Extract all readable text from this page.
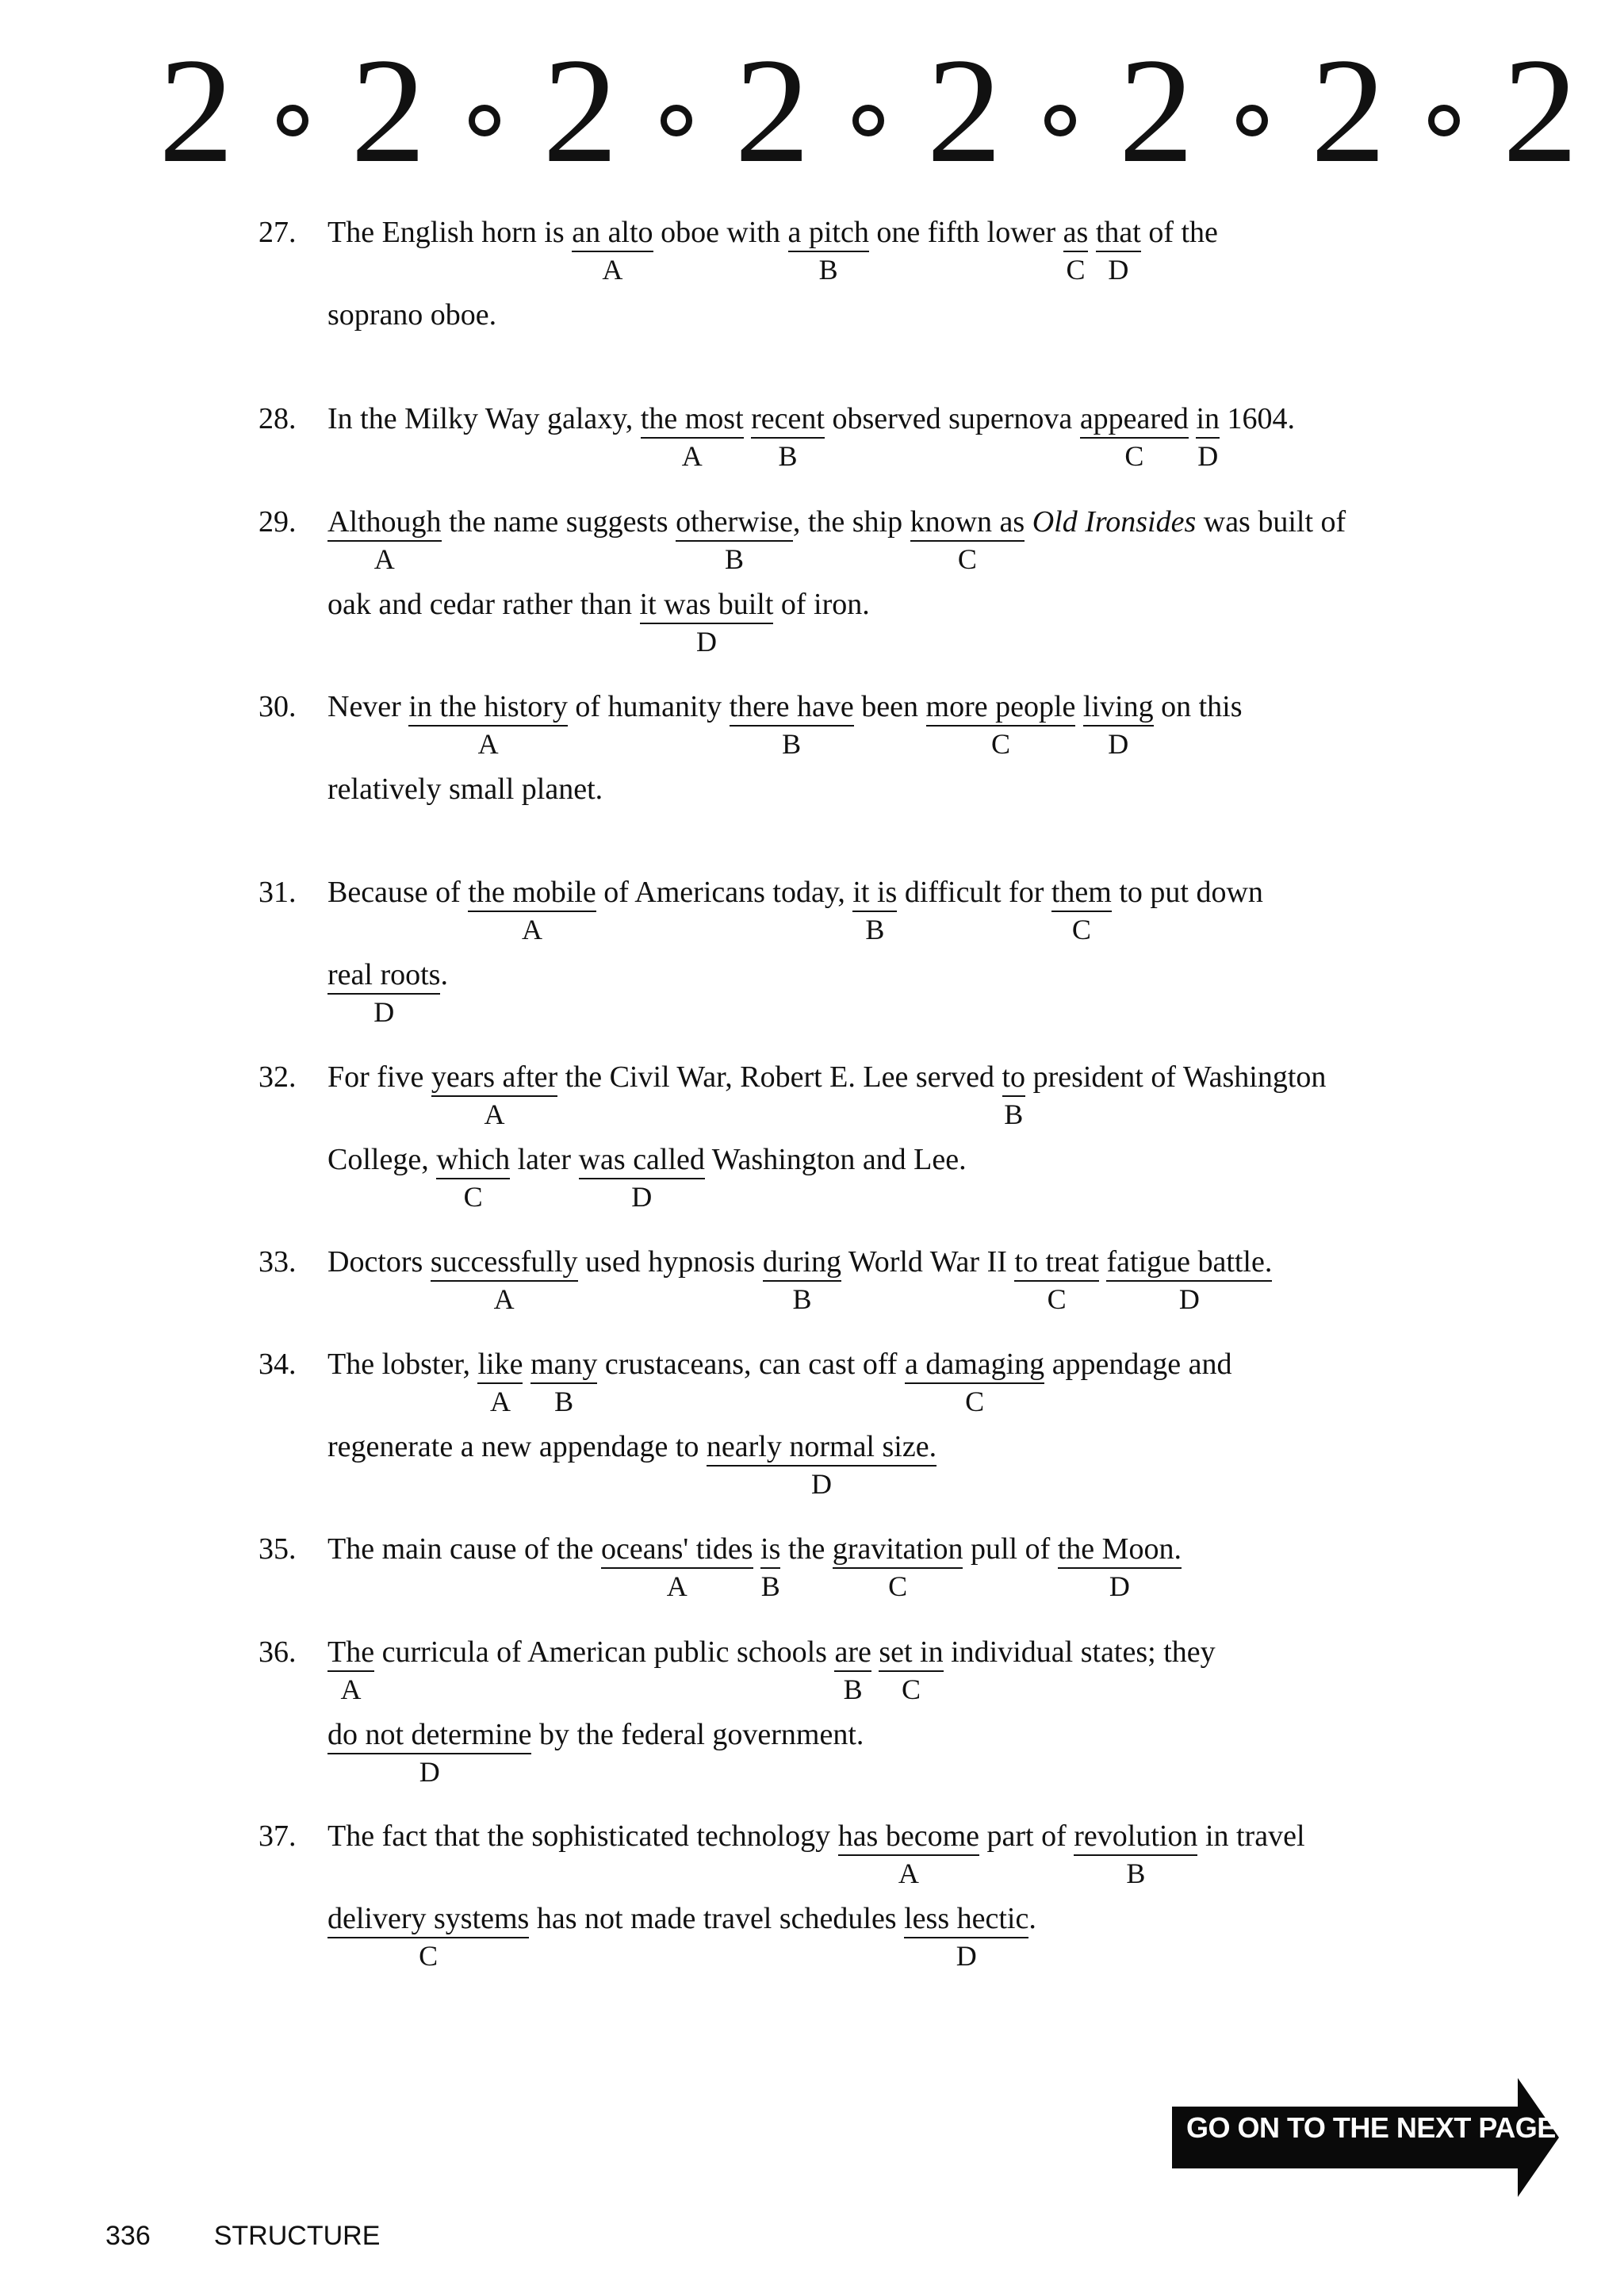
2 2 2 2 2 2 2 2
27.	The English horn is an alto
A
oboe with a pitch
B
one fifth lower as
C
that
D
of the
soprano oboe.
28.	In the Milky Way galaxy, the most
A
recent
B
observed supernova appeared
C
in
D
1604.
29.	Although
A
the name suggests otherwise
B
, the ship known as
C
Old Ironsides was built of
oak and cedar rather than it was built
D
of iron.
30.	Never in the history
A
of humanity there have
B
been more people
C
living
D
on this
relatively small planet.
31.	Because of the mobile
A
of Americans today, it is
B
difficult for them
C
to put down
real roots
D
.
32.	For five years after
A
the Civil War, Robert E. Lee served to
B
president of Washington
College, which
C
later was called
D
Washington and Lee.
33.	Doctors successfully
A
used hypnosis during
B
World War II to treat
C
fatigue battle.
D
34.	The lobster, like
A
many
B
crustaceans, can cast off a damaging
C
appendage and
regenerate a new appendage to nearly normal size.
D
35.	The main cause of the oceans' tides
A
is
B
the gravitation
C
pull of the Moon.
D
36.	The
A
curricula of American public schools are
B
set in
C
individual states; they
do not determine
D
by the federal government.
37.	The fact that the sophisticated technology has become
A
part of revolution
B
in travel
delivery systems
C
has not made travel schedules less hectic
D
.
GO ON TO THE NEXT PAGE
336 STRUCTURE
